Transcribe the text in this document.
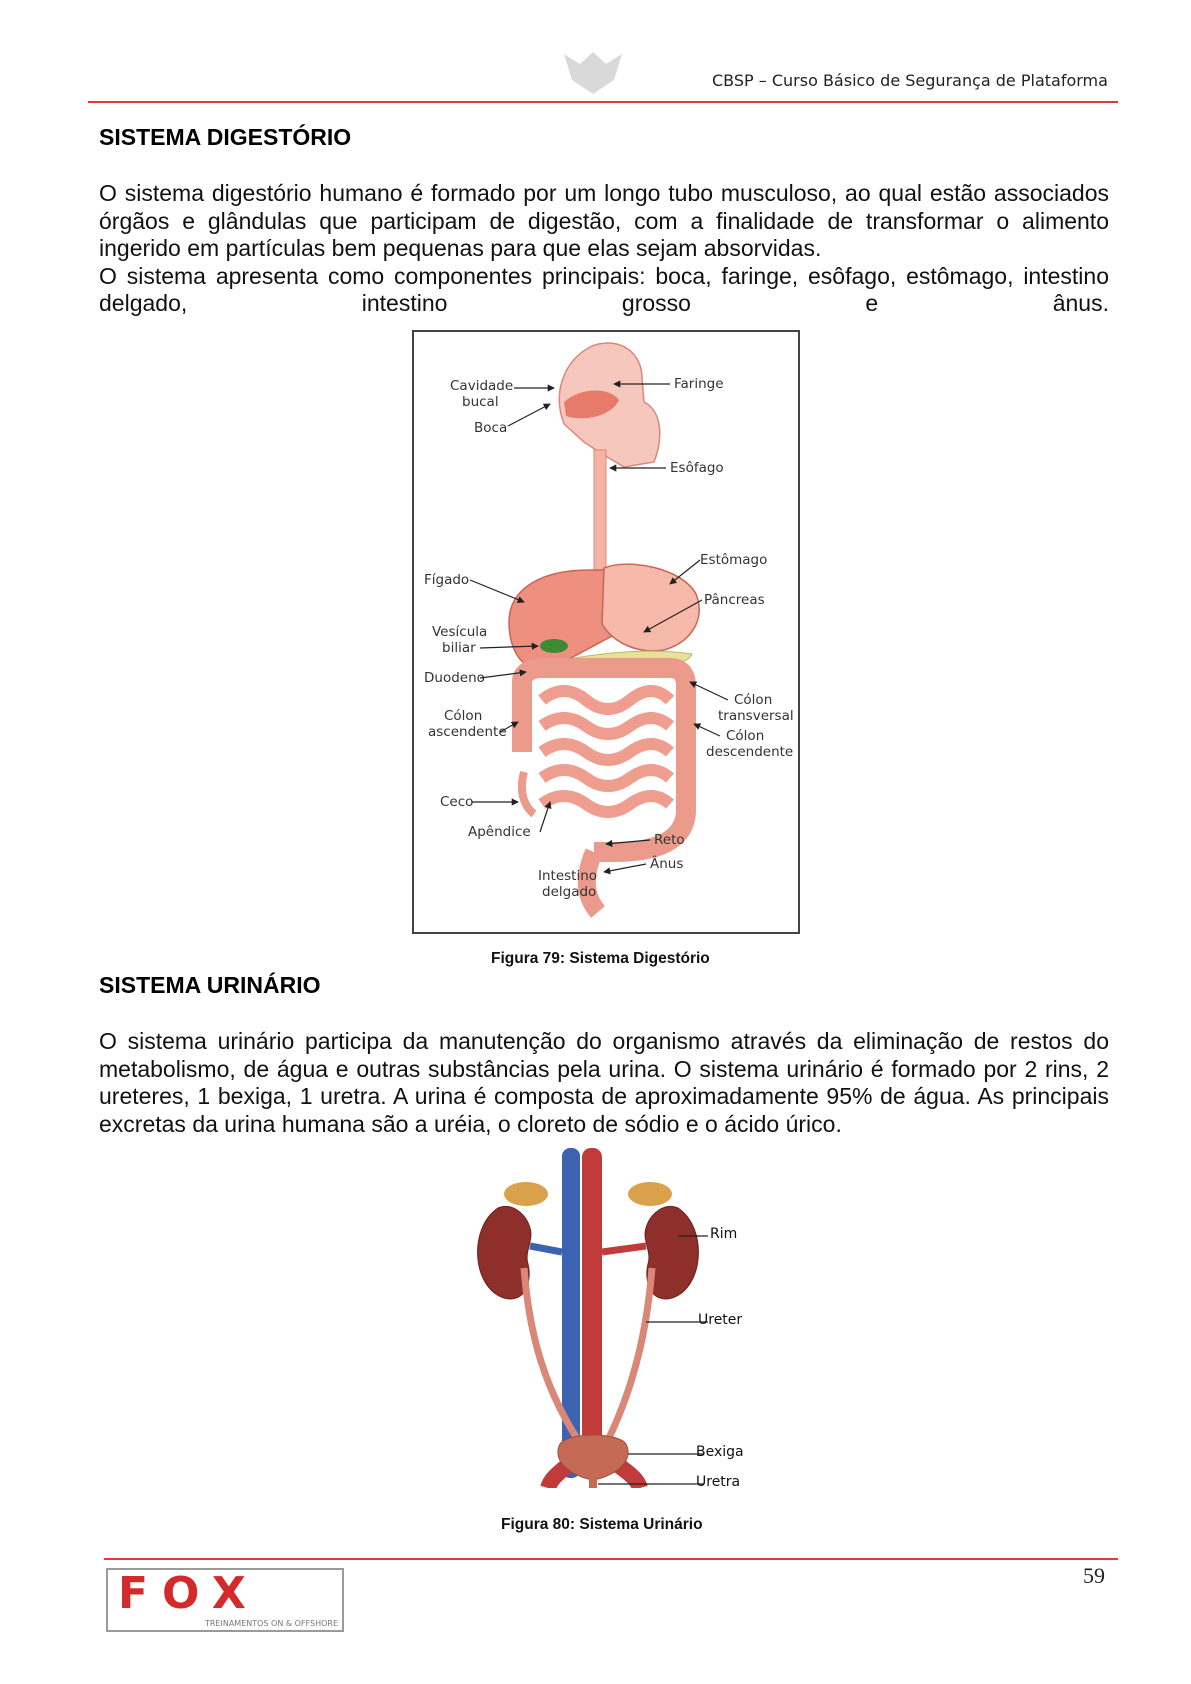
CBSP – Curso Básico de Segurança de Plataforma
SISTEMA DIGESTÓRIO

O sistema digestório humano é formado por um longo tubo musculoso, ao qual estão associados órgãos e glândulas que participam de digestão, com a finalidade de transformar o alimento ingerido em partículas bem pequenas para que elas sejam absorvidas.

O sistema apresenta como componentes principais: boca, faringe, esôfago, estômago, intestino delgado, intestino grosso e ânus.

Cavidade
bucal
Boca
Faringe
Esôfago
Estômago
Fígado
Pâncreas
Vesícula
biliar
Duodeno
Cólon
transversal
Cólon
ascendente	Cólon
descendente
Ceco
Apêndice	Reto
Ânus
Intestino
delgado
Figura 79: Sistema Digestório
SISTEMA URINÁRIO
O sistema urinário participa da manutenção do organismo através da eliminação de restos do metabolismo, de água e outras substâncias pela urina. O sistema urinário é formado por 2 rins, 2 ureteres, 1 bexiga, 1 uretra. A urina é composta de aproximadamente 95% de água. As principais excretas da urina humana são a uréia, o cloreto de sódio e o ácido úrico.
Rim
Ureter
Bexiga
Uretra
Figura 80: Sistema Urinário
FOX
TREINAMENTOS ON & OFFSHORE
59
